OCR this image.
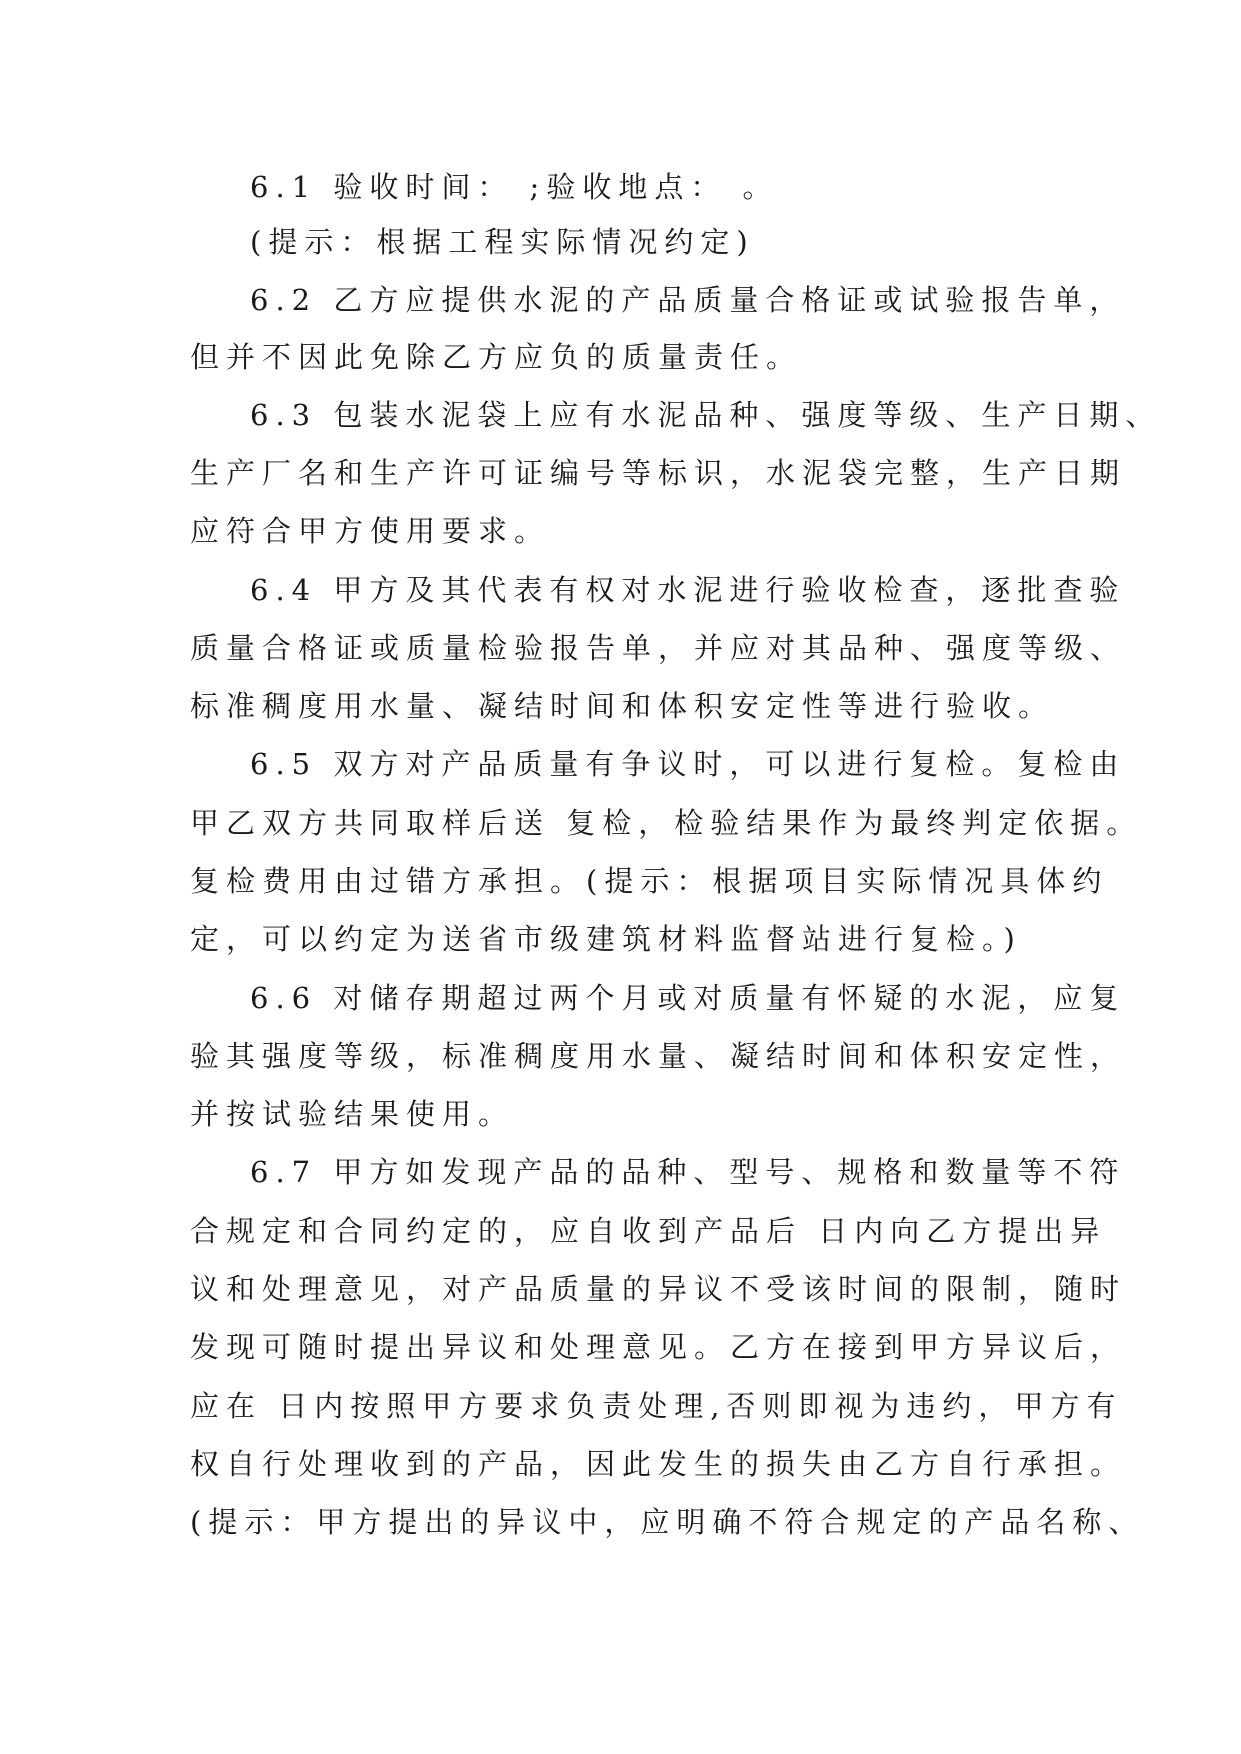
6.1 验收时间： ;验收地点： 。
(提示：根据工程实际情况约定)
6.2 乙方应提供水泥的产品质量合格证或试验报告单，
但并不因此免除乙方应负的质量责任。
6.3 包装水泥袋上应有水泥品种、强度等级、生产日期、
生产厂名和生产许可证编号等标识，水泥袋完整，生产日期
应符合甲方使用要求。
6.4 甲方及其代表有权对水泥进行验收检查，逐批查验
质量合格证或质量检验报告单，并应对其品种、强度等级、
标准稠度用水量、凝结时间和体积安定性等进行验收。
6.5 双方对产品质量有争议时，可以进行复检。复检由
甲乙双方共同取样后送 复检，检验结果作为最终判定依据。
复检费用由过错方承担。(提示：根据项目实际情况具体约
定，可以约定为送省市级建筑材料监督站进行复检。)
6.6 对储存期超过两个月或对质量有怀疑的水泥，应复
验其强度等级，标准稠度用水量、凝结时间和体积安定性，
并按试验结果使用。
6.7 甲方如发现产品的品种、型号、规格和数量等不符
合规定和合同约定的，应自收到产品后 日内向乙方提出异
议和处理意见，对产品质量的异议不受该时间的限制，随时
发现可随时提出异议和处理意见。乙方在接到甲方异议后，
应在 日内按照甲方要求负责处理,否则即视为违约，甲方有
权自行处理收到的产品，因此发生的损失由乙方自行承担。
(提示：甲方提出的异议中，应明确不符合规定的产品名称、
